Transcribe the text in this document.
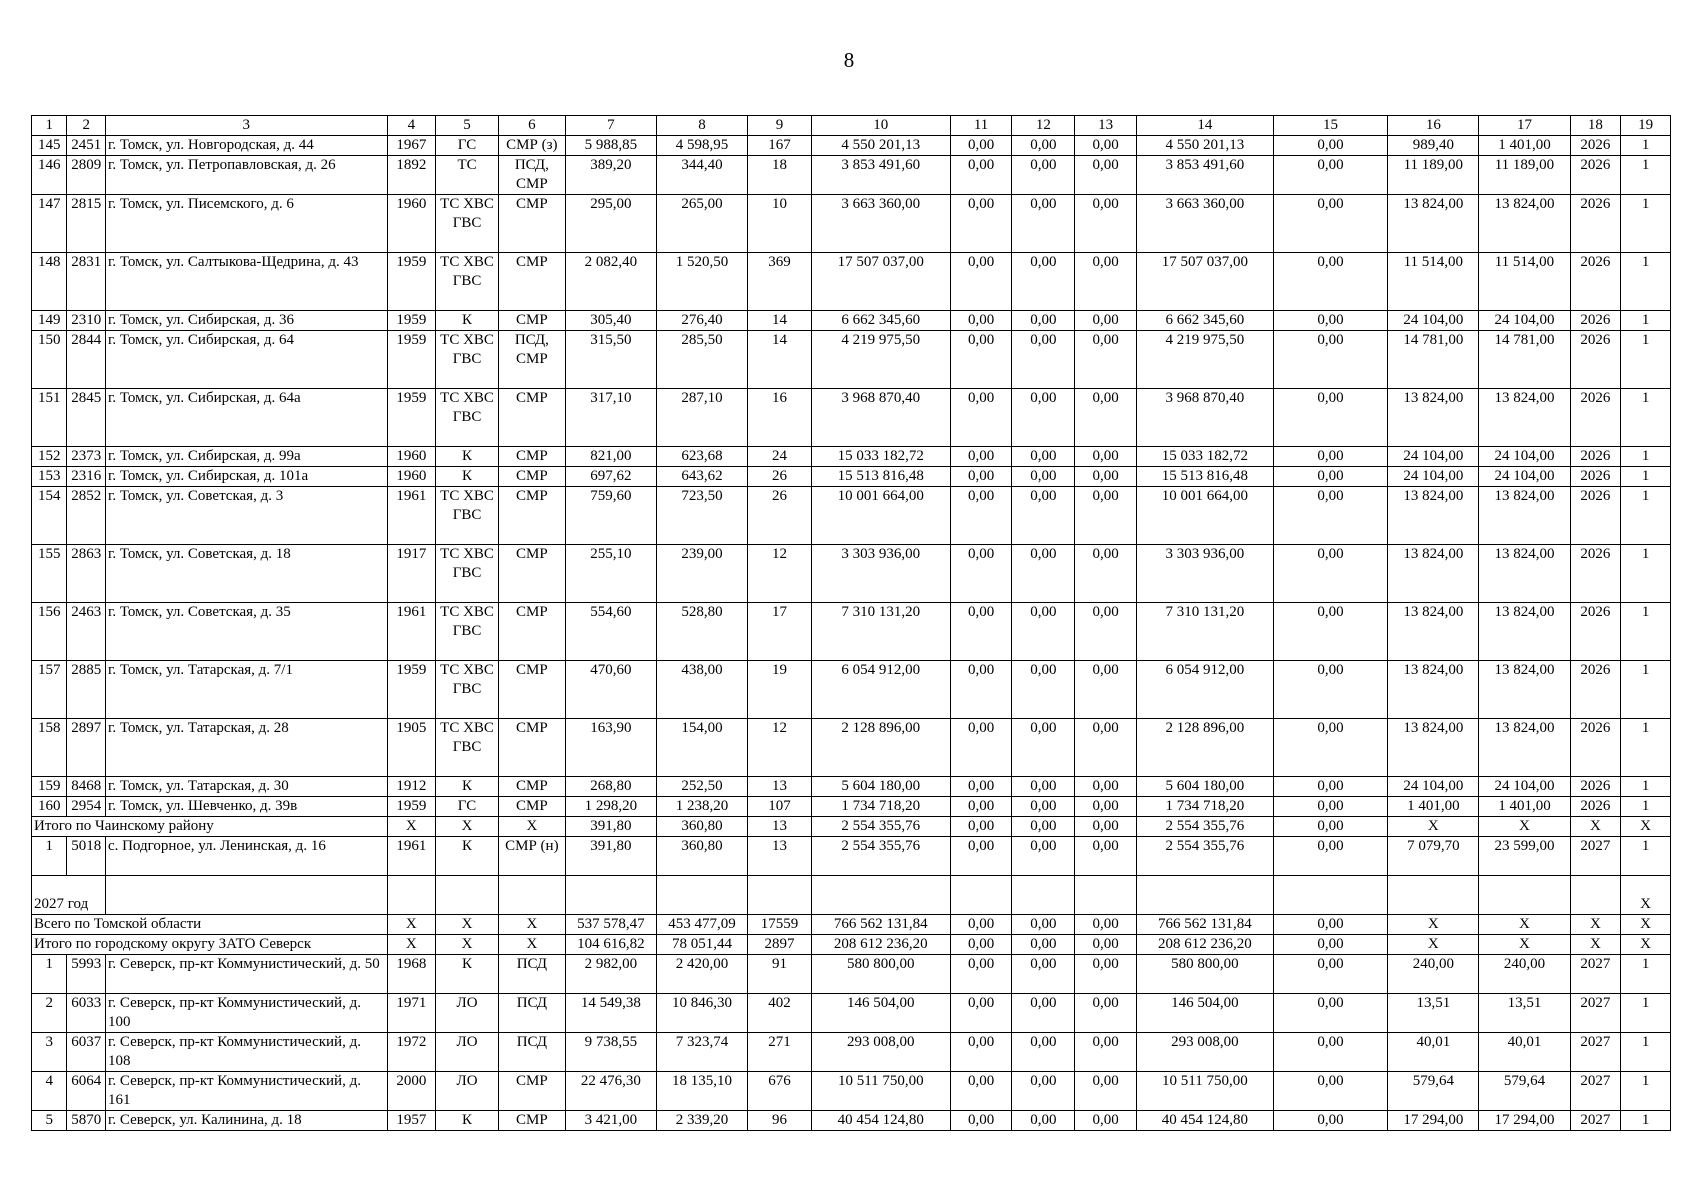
8
1	2	3	4	5	6	7	8	9	10	11	12	13	14	15	16	17	18	19
145	2451	г. Томск, ул. Новгородская, д. 44	1967	ГС	СМР (з)	5 988,85	4 598,95	167	4 550 201,13	0,00	0,00	0,00	4 550 201,13	0,00	989,40	1 401,00	2026	1
146	2809	г. Томск, ул. Петропавловская, д. 26	1892	ТС	ПСД, СМР	389,20	344,40	18	3 853 491,60	0,00	0,00	0,00	3 853 491,60	0,00	11 189,00	11 189,00	2026	1
147	2815	г. Томск, ул. Писемского, д. 6	1960	ТС ХВС ГВС	СМР	295,00	265,00	10	3 663 360,00	0,00	0,00	0,00	3 663 360,00	0,00	13 824,00	13 824,00	2026	1
148	2831	г. Томск, ул. Салтыкова-Щедрина, д. 43	1959	ТС ХВС ГВС	СМР	2 082,40	1 520,50	369	17 507 037,00	0,00	0,00	0,00	17 507 037,00	0,00	11 514,00	11 514,00	2026	1
149	2310	г. Томск, ул. Сибирская, д. 36	1959	К	СМР	305,40	276,40	14	6 662 345,60	0,00	0,00	0,00	6 662 345,60	0,00	24 104,00	24 104,00	2026	1
150	2844	г. Томск, ул. Сибирская, д. 64	1959	ТС ХВС ГВС	ПСД, СМР	315,50	285,50	14	4 219 975,50	0,00	0,00	0,00	4 219 975,50	0,00	14 781,00	14 781,00	2026	1
151	2845	г. Томск, ул. Сибирская, д. 64а	1959	ТС ХВС ГВС	СМР	317,10	287,10	16	3 968 870,40	0,00	0,00	0,00	3 968 870,40	0,00	13 824,00	13 824,00	2026	1
152	2373	г. Томск, ул. Сибирская, д. 99а	1960	К	СМР	821,00	623,68	24	15 033 182,72	0,00	0,00	0,00	15 033 182,72	0,00	24 104,00	24 104,00	2026	1
153	2316	г. Томск, ул. Сибирская, д. 101а	1960	К	СМР	697,62	643,62	26	15 513 816,48	0,00	0,00	0,00	15 513 816,48	0,00	24 104,00	24 104,00	2026	1
154	2852	г. Томск, ул. Советская, д. 3	1961	ТС ХВС ГВС	СМР	759,60	723,50	26	10 001 664,00	0,00	0,00	0,00	10 001 664,00	0,00	13 824,00	13 824,00	2026	1
155	2863	г. Томск, ул. Советская, д. 18	1917	ТС ХВС ГВС	СМР	255,10	239,00	12	3 303 936,00	0,00	0,00	0,00	3 303 936,00	0,00	13 824,00	13 824,00	2026	1
156	2463	г. Томск, ул. Советская, д. 35	1961	ТС ХВС ГВС	СМР	554,60	528,80	17	7 310 131,20	0,00	0,00	0,00	7 310 131,20	0,00	13 824,00	13 824,00	2026	1
157	2885	г. Томск, ул. Татарская, д. 7/1	1959	ТС ХВС ГВС	СМР	470,60	438,00	19	6 054 912,00	0,00	0,00	0,00	6 054 912,00	0,00	13 824,00	13 824,00	2026	1
158	2897	г. Томск, ул. Татарская, д. 28	1905	ТС ХВС ГВС	СМР	163,90	154,00	12	2 128 896,00	0,00	0,00	0,00	2 128 896,00	0,00	13 824,00	13 824,00	2026	1
159	8468	г. Томск, ул. Татарская, д. 30	1912	К	СМР	268,80	252,50	13	5 604 180,00	0,00	0,00	0,00	5 604 180,00	0,00	24 104,00	24 104,00	2026	1
160	2954	г. Томск, ул. Шевченко, д. 39в	1959	ГС	СМР	1 298,20	1 238,20	107	1 734 718,20	0,00	0,00	0,00	1 734 718,20	0,00	1 401,00	1 401,00	2026	1
Итого по Чаинскому району			X	X	X	391,80	360,80	13	2 554 355,76	0,00	0,00	0,00	2 554 355,76	0,00	X	X	X	X
1	5018	с. Подгорное, ул. Ленинская, д. 16	1961	К	СМР (н)	391,80	360,80	13	2 554 355,76	0,00	0,00	0,00	2 554 355,76	0,00	7 079,70	23 599,00	2027	1
2027 год																		X
Всего по Томской области			X	X	X	537 578,47	453 477,09	17559	766 562 131,84	0,00	0,00	0,00	766 562 131,84	0,00	X	X	X	X
Итого по городскому округу ЗАТО Северск			X	X	X	104 616,82	78 051,44	2897	208 612 236,20	0,00	0,00	0,00	208 612 236,20	0,00	X	X	X	X
1	5993	г. Северск, пр-кт Коммунистический, д. 50	1968	К	ПСД	2 982,00	2 420,00	91	580 800,00	0,00	0,00	0,00	580 800,00	0,00	240,00	240,00	2027	1
2	6033	г. Северск, пр-кт Коммунистический, д. 100	1971	ЛО	ПСД	14 549,38	10 846,30	402	146 504,00	0,00	0,00	0,00	146 504,00	0,00	13,51	13,51	2027	1
3	6037	г. Северск, пр-кт Коммунистический, д. 108	1972	ЛО	ПСД	9 738,55	7 323,74	271	293 008,00	0,00	0,00	0,00	293 008,00	0,00	40,01	40,01	2027	1
4	6064	г. Северск, пр-кт Коммунистический, д. 161	2000	ЛО	СМР	22 476,30	18 135,10	676	10 511 750,00	0,00	0,00	0,00	10 511 750,00	0,00	579,64	579,64	2027	1
5	5870	г. Северск, ул. Калинина, д. 18	1957	К	СМР	3 421,00	2 339,20	96	40 454 124,80	0,00	0,00	0,00	40 454 124,80	0,00	17 294,00	17 294,00	2027	1
